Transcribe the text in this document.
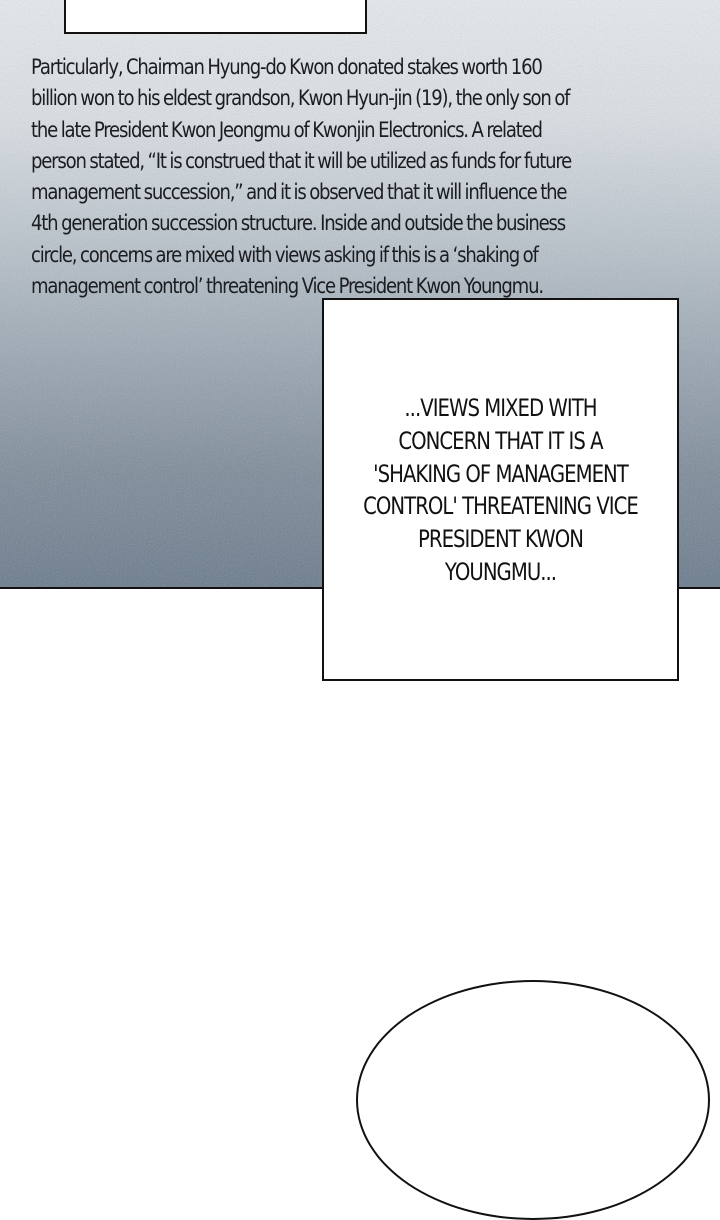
Particularly, Chairman Hyung-do Kwon donated stakes worth 160
billion won to his eldest grandson, Kwon Hyun-jin (19), the only son of
the late President Kwon Jeongmu of Kwonjin Electronics. A related
person stated, “It is construed that it will be utilized as funds for future
management succession,” and it is observed that it will influence the
4th generation succession structure. Inside and outside the business
circle, concerns are mixed with views asking if this is a ‘shaking of
management control’ threatening Vice President Kwon Youngmu.
...VIEWS MIXED WITH
CONCERN THAT IT IS A
'SHAKING OF MANAGEMENT
CONTROL' THREATENING VICE
PRESIDENT KWON
YOUNGMU...
